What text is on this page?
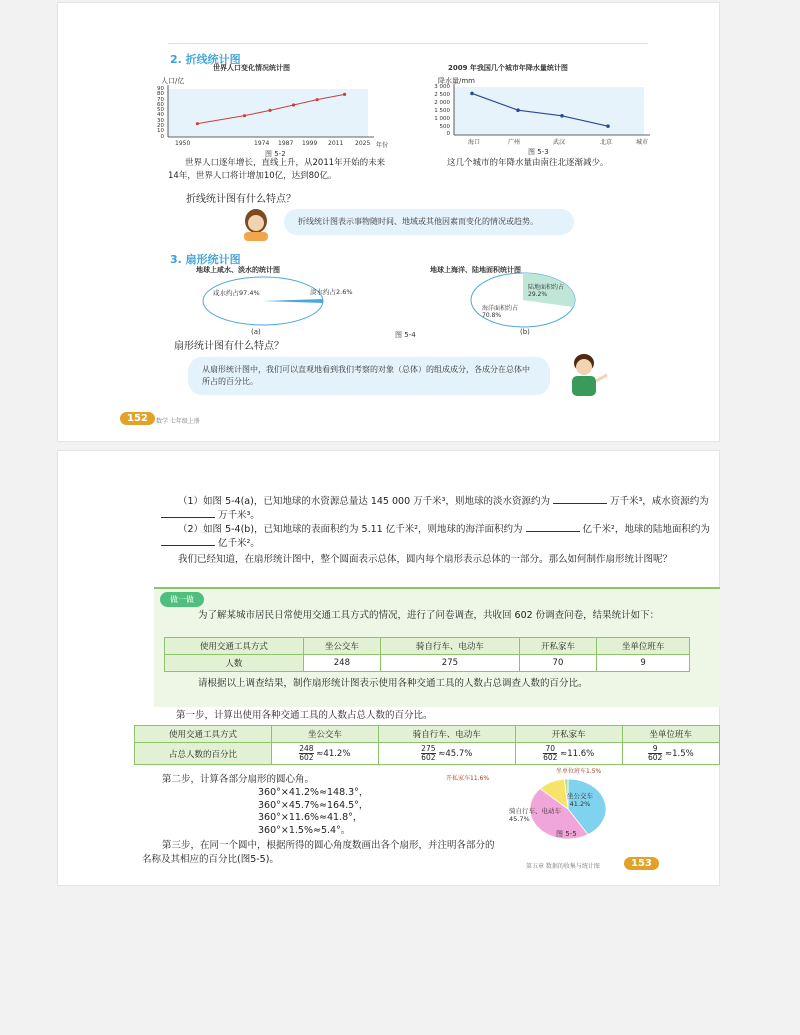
2. 折线统计图
世界人口变化情况统计图
人口/亿
90
80
70
60
50
40
30
20
10
0
1950	1974 1987 1999 2011 2025 年份
图 5-2
2009 年我国几个城市年降水量统计图
降水量/mm
3 000
2 500
2 000
1 500
1 000
500
0
海口	广州	武汉	北京	城市
图 5-3
世界人口逐年增长，直线上升，从2011年开始的未来14年，世界人口将计增加10亿，达到80亿。
这几个城市的年降水量由南往北逐渐减少。
折线统计图有什么特点？
折线统计图表示事物随时间、地域或其他因素而变化的情况或趋势。
3. 扇形统计图
地球上咸水、淡水的统计图
咸水约占97.4%	淡水约占2.6%
(a)	图 5-4
地球上海洋、陆地面积统计图
陆地面积约占29.2%
海洋面积约占70.8%
(b)
扇形统计图有什么特点？
从扇形统计图中，我们可以直观地看到我们考察的对象（总体）的组成成分，各成分在总体中所占的百分比。
152	数学 七年级上册
（1）如图 5-4(a)，已知地球的水资源总量达 145 000 万千米³，则地球的淡水资源约为	万千米³，咸水资源约为万千米³。
（2）如图 5-4(b)，已知地球的表面积约为 5.11 亿千米²，则地球的海洋面积约为	亿千米²，地球的陆地面积约为亿千米²。
我们已经知道，在扇形统计图中，整个圆面表示总体，圆内每个扇形表示总体的一部分。那么如何制作扇形统计图呢？
做一做
为了解某城市居民日常使用交通工具方式的情况，进行了问卷调查，共收回 602 份调查问卷，结果统计如下：
使用交通工具方式	坐公交车	骑自行车、电动车	开私家车	坐单位班车
人数	248	275	70	9
请根据以上调查结果，制作扇形统计图表示使用各种交通工具的人数占总调查人数的百分比。
第一步，计算出使用各种交通工具的人数占总人数的百分比。
使用交通工具方式	坐公交车	骑自行车、电动车	开私家车	坐单位班车
占总人数的百分比	$\frac{248}{602} \approx 41.2\%$	$\frac{275}{602} \approx 45.7\%$	$\frac{70}{602} \approx 11.6\%$	$\frac{9}{602} \approx 1.5\%$
第二步，计算各部分扇形的圆心角。
360°×41.2%≈148.3°，
360°×45.7%≈164.5°，
360°×11.6%≈41.8°，
360°×1.5%≈5.4°。
第三步，在同一个圆中，根据所得的圆心角度数画出各个扇形，并注明各部分的名称及其相应的百分比(图5-5)。
开私家车11.6%
坐单位班车1.5%
坐公交车41.2%
骑自行车、电动车45.7%
图 5-5
第五章 数据的收集与统计图	153
